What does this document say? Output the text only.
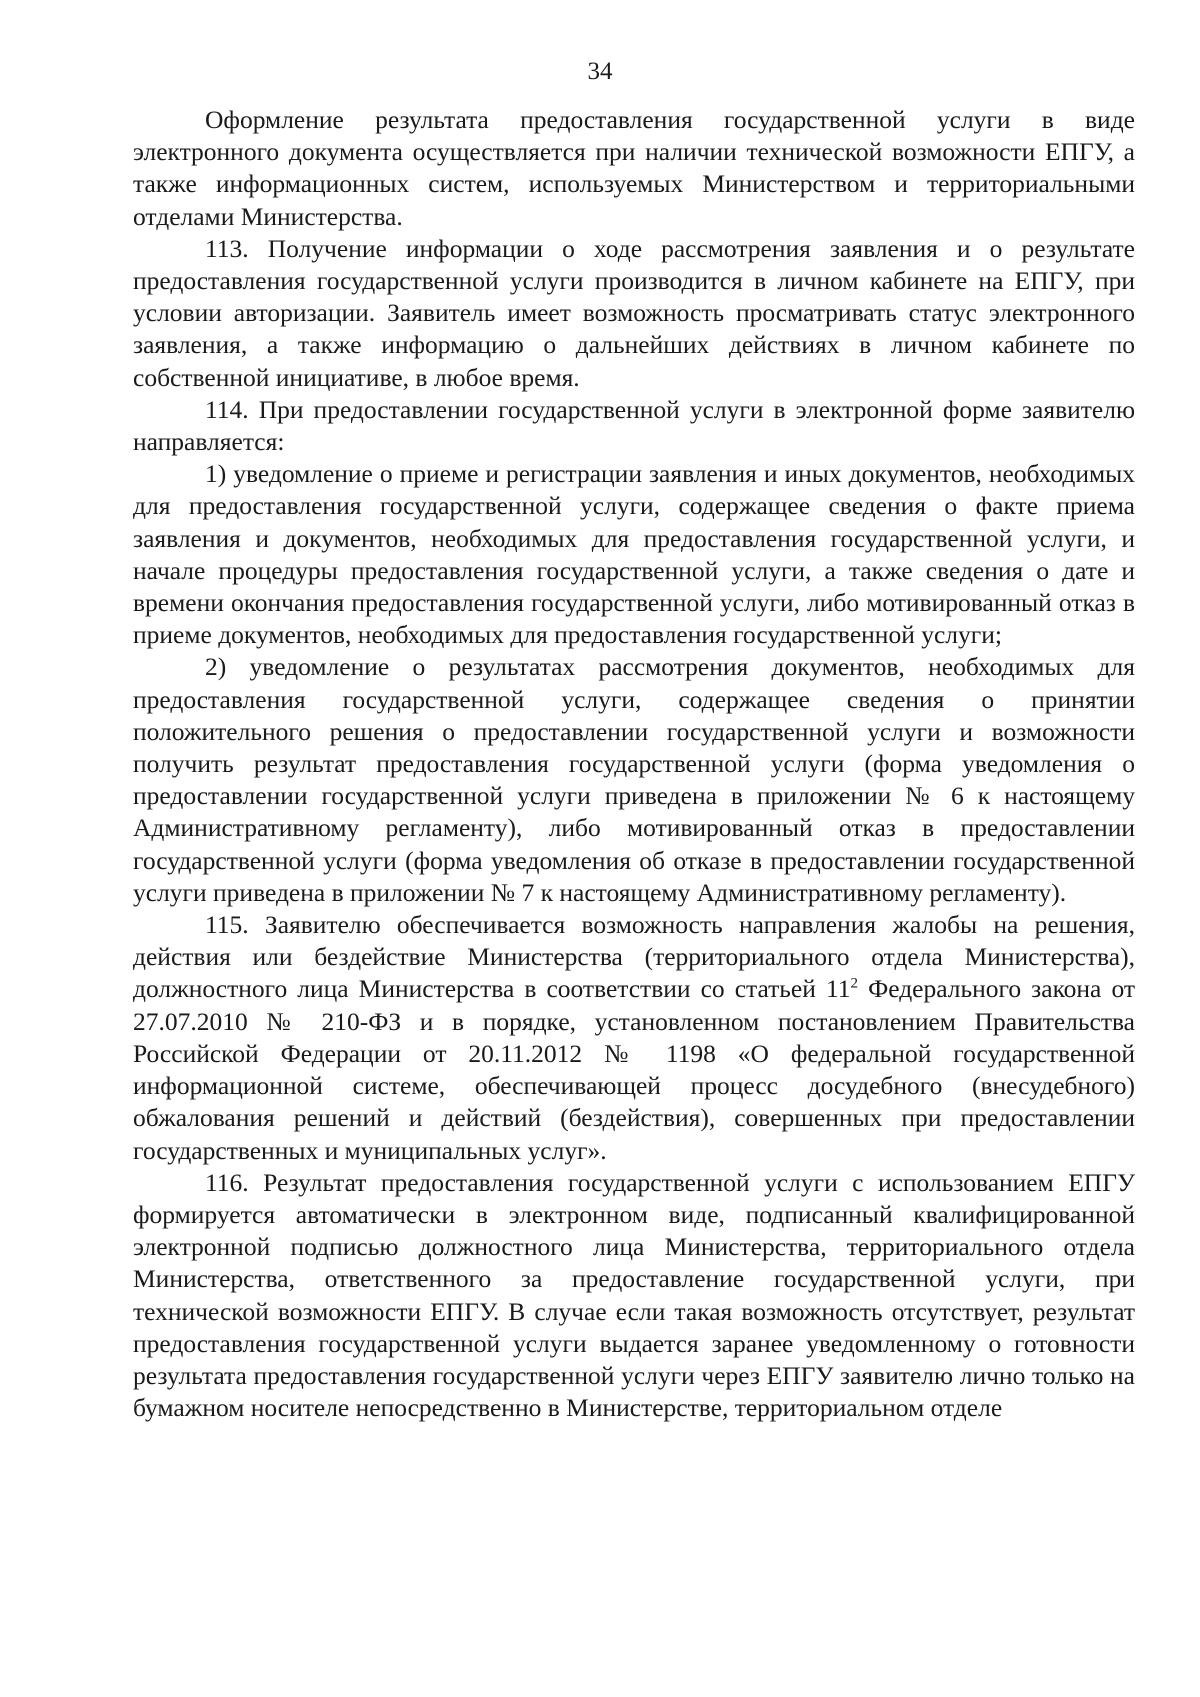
34

Оформление результата предоставления государственной услуги в виде электронного документа осуществляется при наличии технической возможности ЕПГУ, а также информационных систем, используемых Министерством и территориальными отделами Министерства.

113. Получение информации о ходе рассмотрения заявления и о результате предоставления государственной услуги производится в личном кабинете на ЕПГУ, при условии авторизации. Заявитель имеет возможность просматривать статус электронного заявления, а также информацию о дальнейших действиях в личном кабинете по собственной инициативе, в любое время.

114. При предоставлении государственной услуги в электронной форме заявителю направляется:

1) уведомление о приеме и регистрации заявления и иных документов, необходимых для предоставления государственной услуги, содержащее сведения о факте приема заявления и документов, необходимых для предоставления государственной услуги, и начале процедуры предоставления государственной услуги, а также сведения о дате и времени окончания предоставления государственной услуги, либо мотивированный отказ в приеме документов, необходимых для предоставления государственной услуги;

2) уведомление о результатах рассмотрения документов, необходимых для предоставления государственной услуги, содержащее сведения о принятии положительного решения о предоставлении государственной услуги и возможности получить результат предоставления государственной услуги (форма уведомления о предоставлении государственной услуги приведена в приложении № 6 к настоящему Административному регламенту), либо мотивированный отказ в предоставлении государственной услуги (форма уведомления об отказе в предоставлении государственной услуги приведена в приложении № 7 к настоящему Административному регламенту).

115. Заявителю обеспечивается возможность направления жалобы на решения, действия или бездействие Министерства (территориального отдела Министерства), должностного лица Министерства в соответствии со статьей $11^2$ Федерального закона от 27.07.2010 № 210-ФЗ и в порядке, установленном постановлением Правительства Российской Федерации от 20.11.2012 № 1198 «О федеральной государственной информационной системе, обеспечивающей процесс досудебного (внесудебного) обжалования решений и действий (бездействия), совершенных при предоставлении государственных и муниципальных услуг».

116. Результат предоставления государственной услуги с использованием ЕПГУ формируется автоматически в электронном виде, подписанный квалифицированной электронной подписью должностного лица Министерства, территориального отдела Министерства, ответственного за предоставление государственной услуги, при технической возможности ЕПГУ. В случае если такая возможность отсутствует, результат предоставления государственной услуги выдается заранее уведомленному о готовности результата предоставления государственной услуги через ЕПГУ заявителю лично только на бумажном носителе непосредственно в Министерстве, территориальном отделе
